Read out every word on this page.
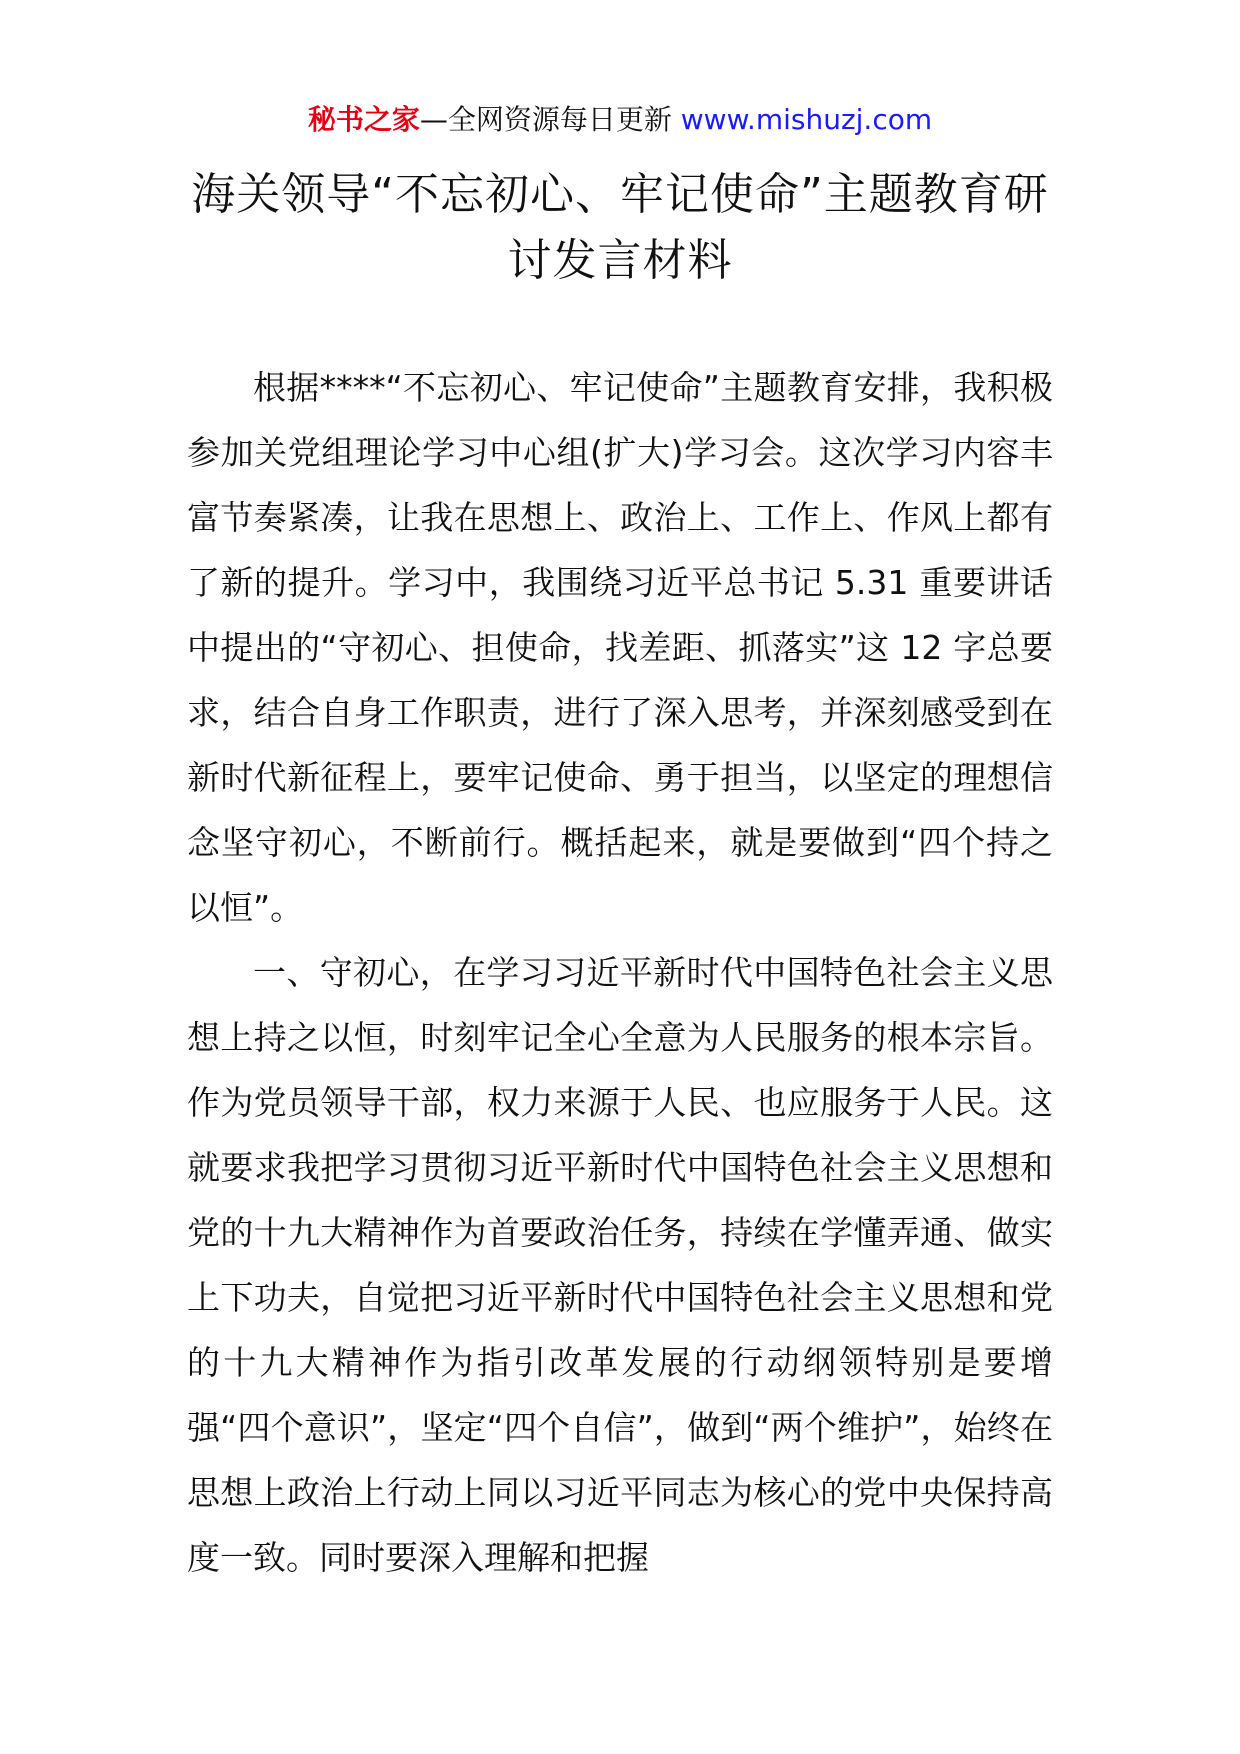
秘书之家—全网资源每日更新 www.mishuzj.com
海关领导“不忘初心、牢记使命”主题教育研讨发言材料

根据****“不忘初心、牢记使命”主题教育安排，我积极参加关党组理论学习中心组(扩大)学习会。这次学习内容丰富节奏紧凑，让我在思想上、政治上、工作上、作风上都有了新的提升。学习中，我围绕习近平总书记 5.31 重要讲话中提出的“守初心、担使命，找差距、抓落实”这 12 字总要求，结合自身工作职责，进行了深入思考，并深刻感受到在新时代新征程上，要牢记使命、勇于担当，以坚定的理想信念坚守初心，不断前行。概括起来，就是要做到“四个持之以恒”。

一、守初心，在学习习近平新时代中国特色社会主义思想上持之以恒，时刻牢记全心全意为人民服务的根本宗旨。作为党员领导干部，权力来源于人民、也应服务于人民。这就要求我把学习贯彻习近平新时代中国特色社会主义思想和党的十九大精神作为首要政治任务，持续在学懂弄通、做实上下功夫，自觉把习近平新时代中国特色社会主义思想和党的十九大精神作为指引改革发展的行动纲领特别是要增强“四个意识”，坚定“四个自信”，做到“两个维护”，始终在思想上政治上行动上同以习近平同志为核心的党中央保持高度一致。同时要深入理解和把握
